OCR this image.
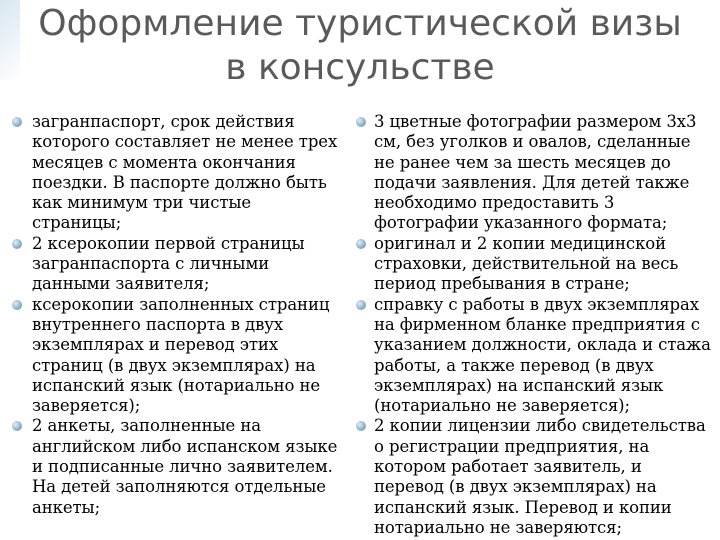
Оформление туристической визы
в консульстве
загранпаспорт, срок действия
которого составляет не менее трех
месяцев с момента окончания
поездки. В паспорте должно быть
как минимум три чистые
страницы;
2 ксерокопии первой страницы
загранпаспорта с личными
данными заявителя;
ксерокопии заполненных страниц
внутреннего паспорта в двух
экземплярах и перевод этих
страниц (в двух экземплярах) на
испанский язык (нотариально не
заверяется);
2 анкеты, заполненные на
английском либо испанском языке
и подписанные лично заявителем.
На детей заполняются отдельные
анкеты;
3 цветные фотографии размером 3х3
см, без уголков и овалов, сделанные
не ранее чем за шесть месяцев до
подачи заявления. Для детей также
необходимо предоставить 3
фотографии указанного формата;
оригинал и 2 копии медицинской
страховки, действительной на весь
период пребывания в стране;
справку с работы в двух экземплярах
на фирменном бланке предприятия с
указанием должности, оклада и стажа
работы, а также перевод (в двух
экземплярах) на испанский язык
(нотариально не заверяется);
2 копии лицензии либо свидетельства
о регистрации предприятия, на
котором работает заявитель, и
перевод (в двух экземплярах) на
испанский язык. Перевод и копии
нотариально не заверяются;
